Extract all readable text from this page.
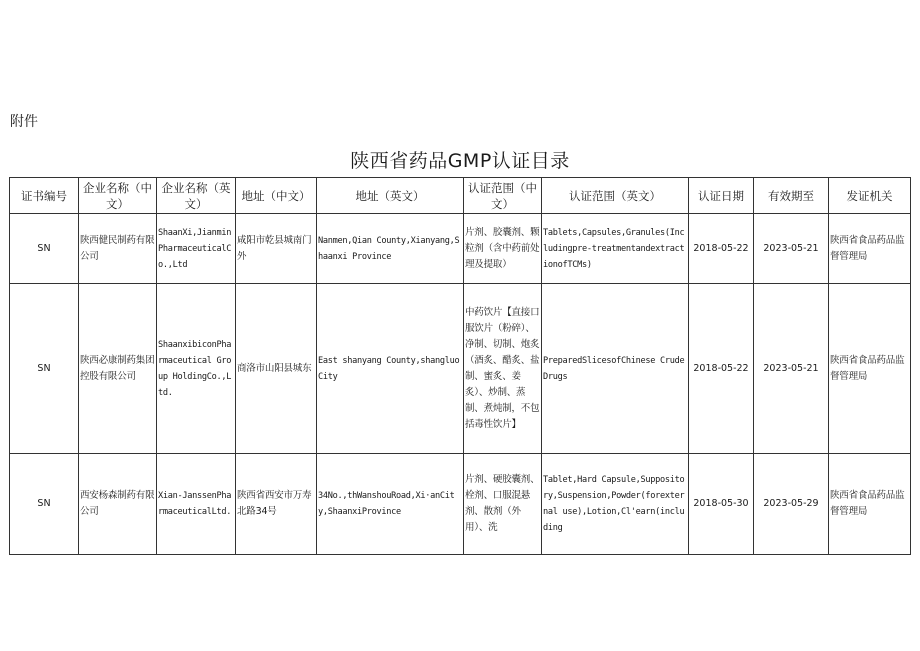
附件
陕西省药品GMP认证目录
证书编号	企业名称（中文）	企业名称（英文）	地址（中文）	地址（英文）	认证范围（中文）	认证范围（英文）	认证日期	有效期至	发证机关
SN	陕西健民制药有限公司	ShaanXi,JianminPharmaceuticalCo.,Ltd	咸阳市乾县城南门外	Nanmen,Qian County,Xianyang,Shaanxi Province	片剂、胶囊剂、颗粒剂（含中药前处理及提取）	Tablets,Capsules,Granules(Includingpre-treatmentandextractionofTCMs)	2018-05-22	2023-05-21	陕西省食品药品监督管理局

SN	陕西必康制药集团控股有限公司	ShaanxibiconPharmaceutical Group HoldingCo.,Ltd.	商洛市山阳县城东	East shanyang County,shangluoCity	中药饮片【直接口服饮片（粉碎）、净制、切制、炮炙（酒炙、醋炙、盐制、蜜炙、姜炙）、炒制、蒸制、煮炖制，不包括毒性饮片】	PreparedSlicesofChinese CrudeDrugs	2018-05-22	2023-05-21	陕西省食品药品监督管理局

SN	西安杨森制药有限公司	Xian-JanssenPharmaceuticalLtd.	陕西省西安市万寿北路34号	34No.,thWanshouRoad,Xi·anCity,ShaanxiProvince	片剂、硬胶囊剂、栓剂、口服混悬剂、散剂（外用）、洗	Tablet,Hard Capsule,Suppository,Suspension,Powder(forexternal use),Lotion,Cl'earn(including	2018-05-30	2023-05-29	陕西省食品药品监督管理局
